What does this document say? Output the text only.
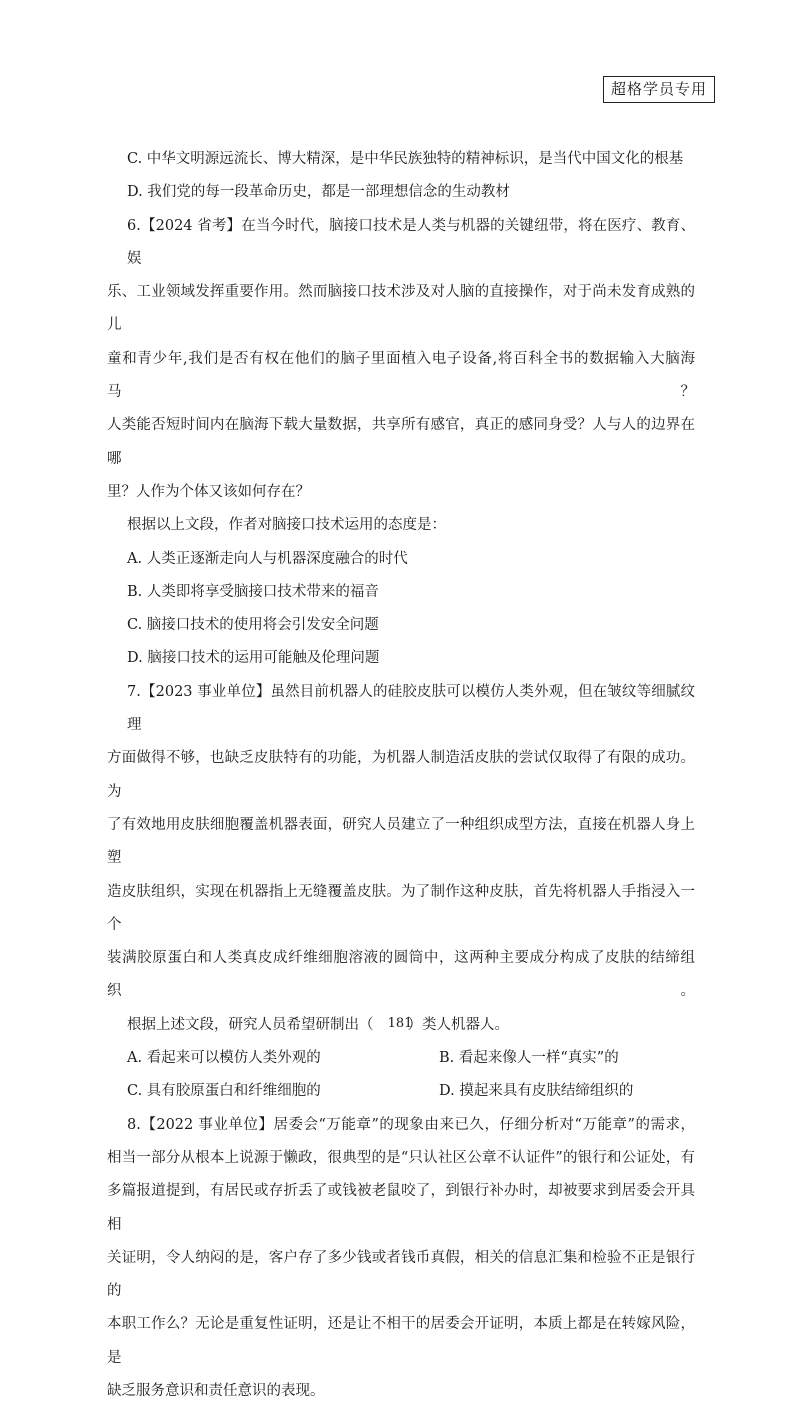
超格学员专用

C. 中华文明源远流长、博大精深，是中华民族独特的精神标识，是当代中国文化的根基

D. 我们党的每一段革命历史，都是一部理想信念的生动教材

6.【2024 省考】在当今时代，脑接口技术是人类与机器的关键纽带，将在医疗、教育、娱

乐、工业领域发挥重要作用。然而脑接口技术涉及对人脑的直接操作，对于尚未发育成熟的儿

童和青少年,我们是否有权在他们的脑子里面植入电子设备,将百科全书的数据输入大脑海马？

人类能否短时间内在脑海下载大量数据，共享所有感官，真正的感同身受？人与人的边界在哪

里？人作为个体又该如何存在？

根据以上文段，作者对脑接口技术运用的态度是：

A. 人类正逐渐走向人与机器深度融合的时代

B. 人类即将享受脑接口技术带来的福音

C. 脑接口技术的使用将会引发安全问题

D. 脑接口技术的运用可能触及伦理问题

7.【2023 事业单位】虽然目前机器人的硅胶皮肤可以模仿人类外观，但在皱纹等细腻纹理

方面做得不够，也缺乏皮肤特有的功能，为机器人制造活皮肤的尝试仅取得了有限的成功。为

了有效地用皮肤细胞覆盖机器表面，研究人员建立了一种组织成型方法，直接在机器人身上塑

造皮肤组织，实现在机器指上无缝覆盖皮肤。为了制作这种皮肤，首先将机器人手指浸入一个

装满胶原蛋白和人类真皮成纤维细胞溶液的圆筒中，这两种主要成分构成了皮肤的结缔组织。

根据上述文段，研究人员希望研制出（ ）类人机器人。

A. 看起来可以模仿人类外观的	B. 看起来像人一样“真实”的
C. 具有胶原蛋白和纤维细胞的	D. 摸起来具有皮肤结缔组织的

8.【2022 事业单位】居委会“万能章”的现象由来已久，仔细分析对“万能章”的需求，

相当一部分从根本上说源于懒政，很典型的是“只认社区公章不认证件”的银行和公证处，有

多篇报道提到，有居民或存折丢了或钱被老鼠咬了，到银行补办时，却被要求到居委会开具相

关证明，令人纳闷的是，客户存了多少钱或者钱币真假，相关的信息汇集和检验不正是银行的

本职工作么？无论是重复性证明，还是让不相干的居委会开证明，本质上都是在转嫁风险，是

缺乏服务意识和责任意识的表现。

181
